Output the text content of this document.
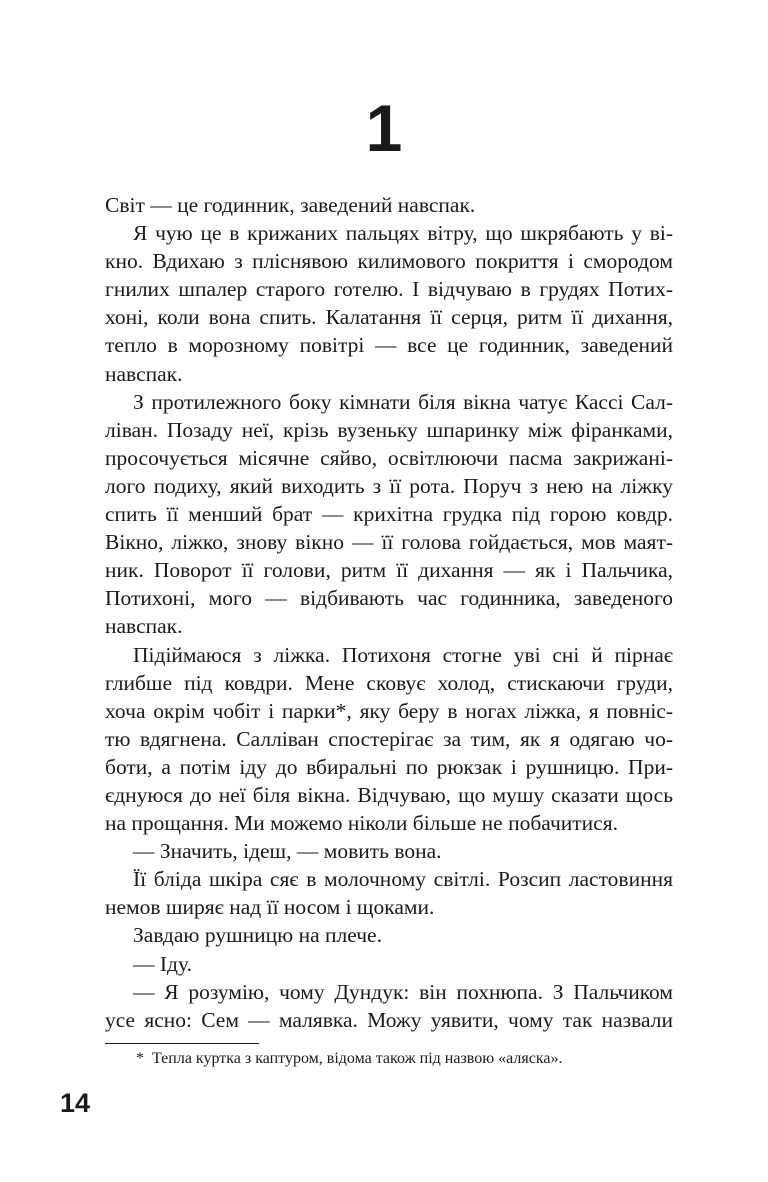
1
Світ — це годинник, заведений навспак.
Я чую це в крижаних пальцях вітру, що шкрябають у ві-
кно. Вдихаю з пліснявою килимового покриття і смородом
гнилих шпалер старого готелю. І відчуваю в грудях Потих-
хоні, коли вона спить. Калатання її серця, ритм її дихання,
тепло в морозному повітрі — все це годинник, заведений
навспак.
З протилежного боку кімнати біля вікна чатує Кассі Сал-
ліван. Позаду неї, крізь вузеньку шпаринку між фіранками,
просочується місячне сяйво, освітлюючи пасма закрижані-
лого подиху, який виходить з її рота. Поруч з нею на ліжку
спить її менший брат — крихітна грудка під горою ковдр.
Вікно, ліжко, знову вікно — її голова гойдається, мов маят-
ник. Поворот її голови, ритм її дихання — як і Пальчика,
Потихоні, мого — відбивають час годинника, заведеного
навспак.
Підіймаюся з ліжка. Потихоня стогне уві сні й пірнає
глибше під ковдри. Мене сковує холод, стискаючи груди,
хоча окрім чобіт і парки*, яку беру в ногах ліжка, я повніс-
тю вдягнена. Салліван спостерігає за тим, як я одягаю чо-
боти, а потім іду до вбиральні по рюкзак і рушницю. При-
єднуюся до неї біля вікна. Відчуваю, що мушу сказати щось
на прощання. Ми можемо ніколи більше не побачитися.
— Значить, ідеш, — мовить вона.
Її бліда шкіра сяє в молочному світлі. Розсип ластовиння
немов ширяє над її носом і щоками.
Завдаю рушницю на плече.
— Іду.
— Я розумію, чому Дундук: він похнюпа. З Пальчиком
усе ясно: Сем — малявка. Можу уявити, чому так назвали
* Тепла куртка з каптуром, відома також під назвою «аляска».
14
